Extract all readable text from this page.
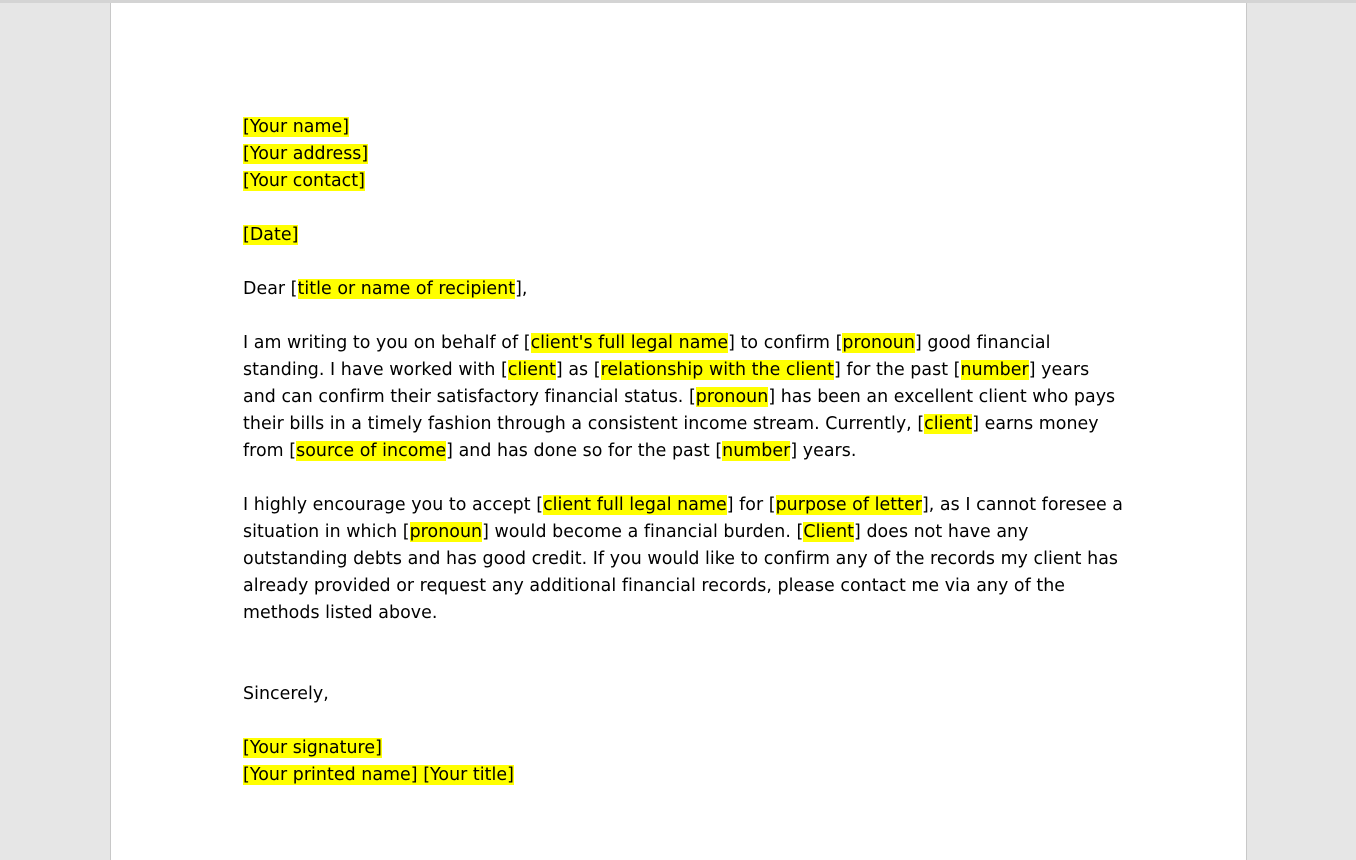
[Your name]
[Your address]
[Your contact]
[Date]
Dear [title or name of recipient],
I am writing to you on behalf of [client's full legal name] to confirm [pronoun] good financial standing. I have worked with [client] as [relationship with the client] for the past [number] years and can confirm their satisfactory financial status. [pronoun] has been an excellent client who pays their bills in a timely fashion through a consistent income stream. Currently, [client] earns money from [source of income] and has done so for the past [number] years.
I highly encourage you to accept [client full legal name] for [purpose of letter], as I cannot foresee a situation in which [pronoun] would become a financial burden. [Client] does not have any outstanding debts and has good credit. If you would like to confirm any of the records my client has already provided or request any additional financial records, please contact me via any of the methods listed above.
Sincerely,
[Your signature]
[Your printed name] [Your title]
